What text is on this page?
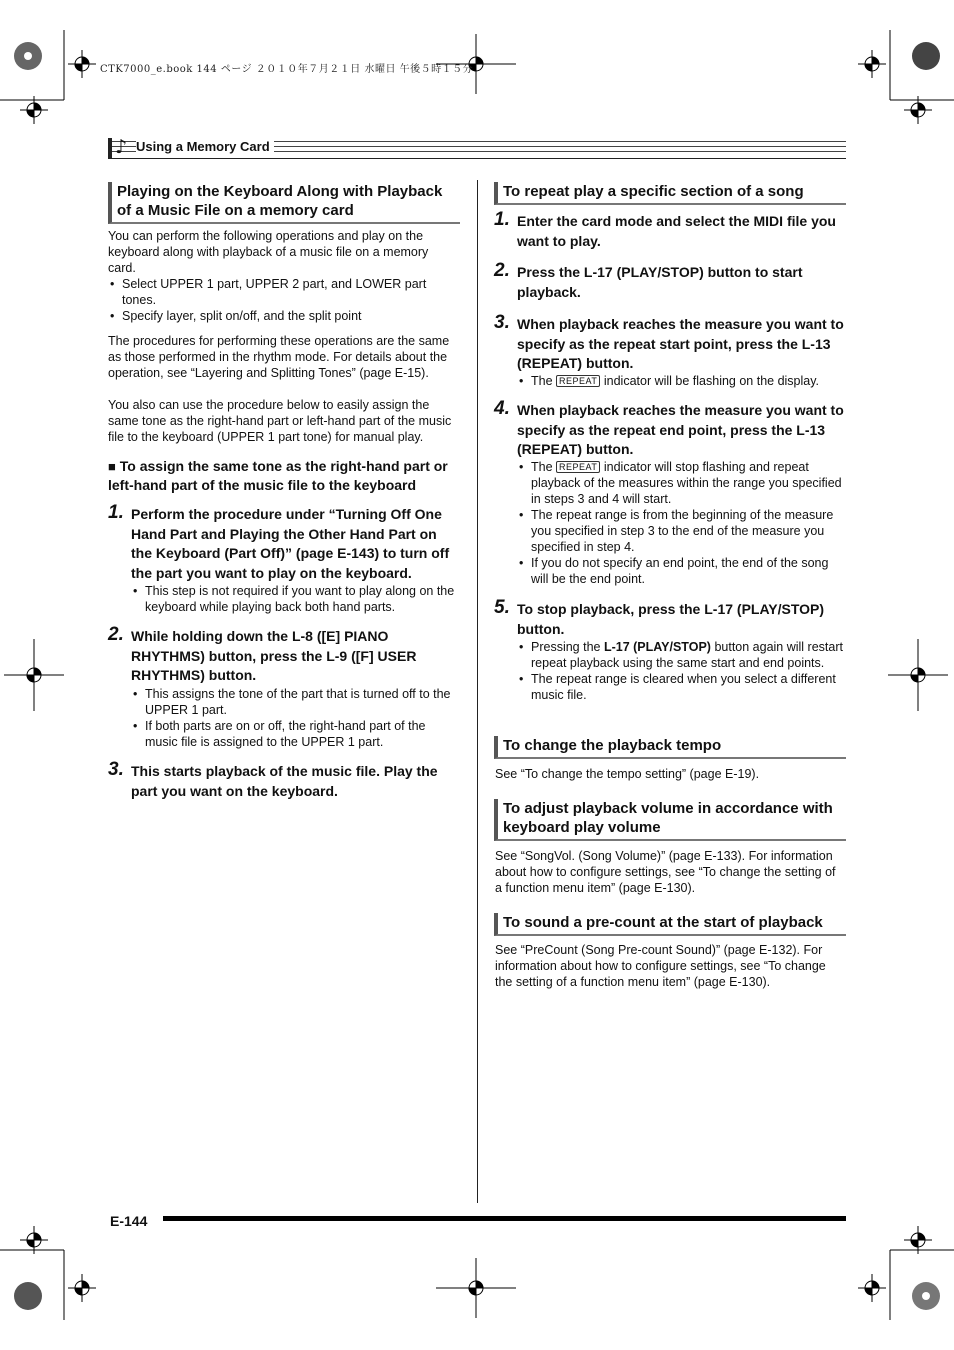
CTK7000_e.book 144 ページ ２０１０年７月２１日 水曜日 午後５時１５分
♪ Using a Memory Card
Playing on the Keyboard Along with Playback of a Music File on a memory card
You can perform the following operations and play on the keyboard along with playback of a music file on a memory card.
• Select UPPER 1 part, UPPER 2 part, and LOWER part tones.
• Specify layer, split on/off, and the split point
The procedures for performing these operations are the same as those performed in the rhythm mode. For details about the operation, see “Layering and Splitting Tones” (page E-15).
You also can use the procedure below to easily assign the same tone as the right-hand part or left-hand part of the music file to the keyboard (UPPER 1 part tone) for manual play.
■ To assign the same tone as the right-hand part or left-hand part of the music file to the keyboard
1. Perform the procedure under “Turning Off One Hand Part and Playing the Other Hand Part on the Keyboard (Part Off)” (page E-143) to turn off the part you want to play on the keyboard.
• This step is not required if you want to play along on the keyboard while playing back both hand parts.
2. While holding down the L-8 ([E] PIANO RHYTHMS) button, press the L-9 ([F] USER RHYTHMS) button.
• This assigns the tone of the part that is turned off to the UPPER 1 part.
• If both parts are on or off, the right-hand part of the music file is assigned to the UPPER 1 part.
3. This starts playback of the music file. Play the part you want on the keyboard.
To repeat play a specific section of a song
1. Enter the card mode and select the MIDI file you want to play.
2. Press the L-17 (PLAY/STOP) button to start playback.
3. When playback reaches the measure you want to specify as the repeat start point, press the L-13 (REPEAT) button.
• The REPEAT indicator will be flashing on the display.
4. When playback reaches the measure you want to specify as the repeat end point, press the L-13 (REPEAT) button.
• The REPEAT indicator will stop flashing and repeat playback of the measures within the range you specified in steps 3 and 4 will start.
• The repeat range is from the beginning of the measure you specified in step 3 to the end of the measure you specified in step 4.
• If you do not specify an end point, the end of the song will be the end point.
5. To stop playback, press the L-17 (PLAY/STOP) button.
• Pressing the L-17 (PLAY/STOP) button again will restart repeat playback using the same start and end points.
• The repeat range is cleared when you select a different music file.
To change the playback tempo
See “To change the tempo setting” (page E-19).
To adjust playback volume in accordance with keyboard play volume
See “SongVol. (Song Volume)” (page E-133). For information about how to configure settings, see “To change the setting of a function menu item” (page E-130).
To sound a pre-count at the start of playback
See “PreCount (Song Pre-count Sound)” (page E-132). For information about how to configure settings, see “To change the setting of a function menu item” (page E-130).
E-144
